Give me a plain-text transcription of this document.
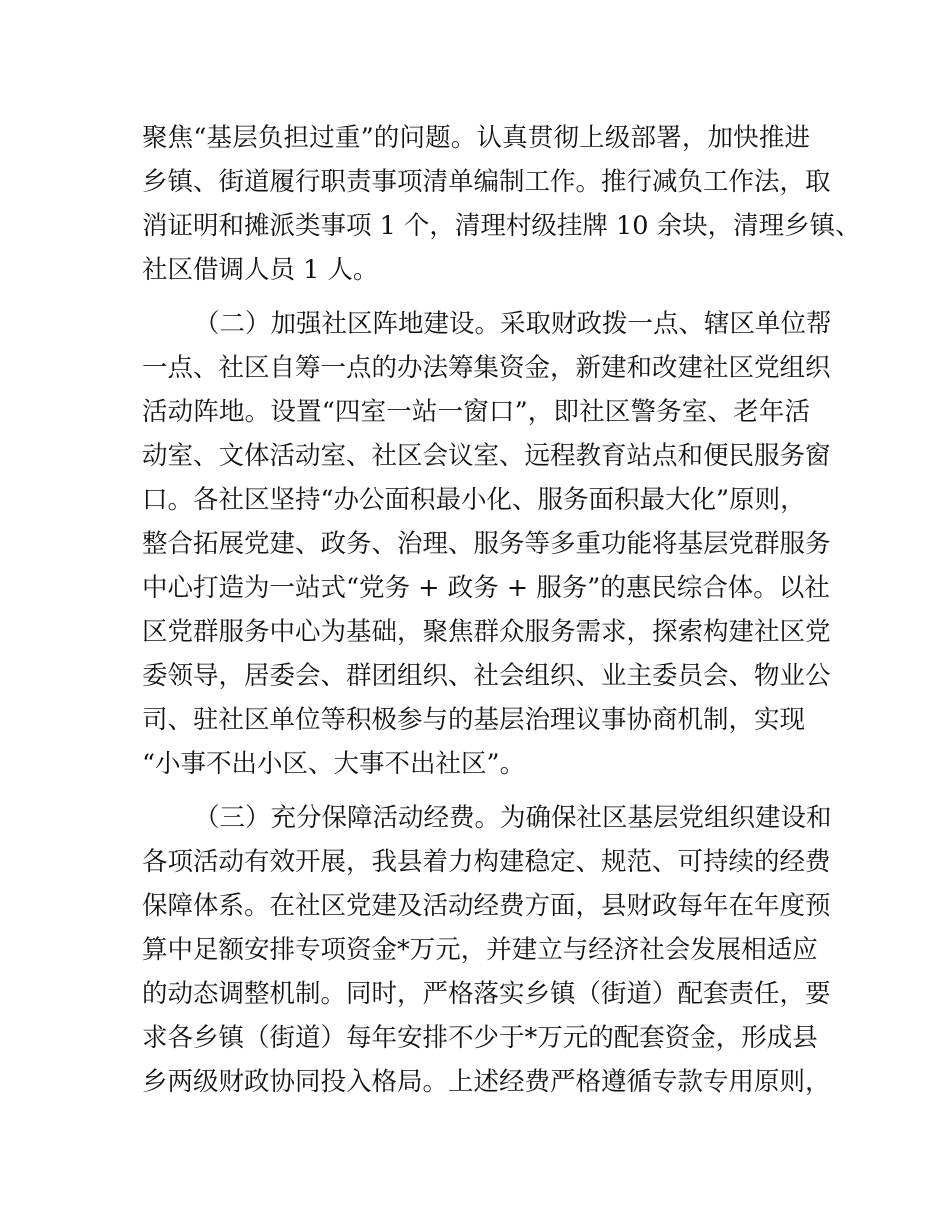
聚焦“基层负担过重”的问题。认真贯彻上级部署，加快推进
乡镇、街道履行职责事项清单编制工作。推行减负工作法，取
消证明和摊派类事项 1 个，清理村级挂牌 10 余块，清理乡镇、
社区借调人员 1 人。
（二）加强社区阵地建设。采取财政拨一点、辖区单位帮
一点、社区自筹一点的办法筹集资金，新建和改建社区党组织
活动阵地。设置“四室一站一窗口”，即社区警务室、老年活
动室、文体活动室、社区会议室、远程教育站点和便民服务窗
口。各社区坚持“办公面积最小化、服务面积最大化”原则，
整合拓展党建、政务、治理、服务等多重功能将基层党群服务
中心打造为一站式“党务 + 政务 + 服务”的惠民综合体。以社
区党群服务中心为基础，聚焦群众服务需求，探索构建社区党
委领导，居委会、群团组织、社会组织、业主委员会、物业公
司、驻社区单位等积极参与的基层治理议事协商机制，实现
“小事不出小区、大事不出社区”。
（三）充分保障活动经费。为确保社区基层党组织建设和
各项活动有效开展，我县着力构建稳定、规范、可持续的经费
保障体系。在社区党建及活动经费方面，县财政每年在年度预
算中足额安排专项资金*万元，并建立与经济社会发展相适应
的动态调整机制。同时，严格落实乡镇（街道）配套责任，要
求各乡镇（街道）每年安排不少于*万元的配套资金，形成县
乡两级财政协同投入格局。上述经费严格遵循专款专用原则，
